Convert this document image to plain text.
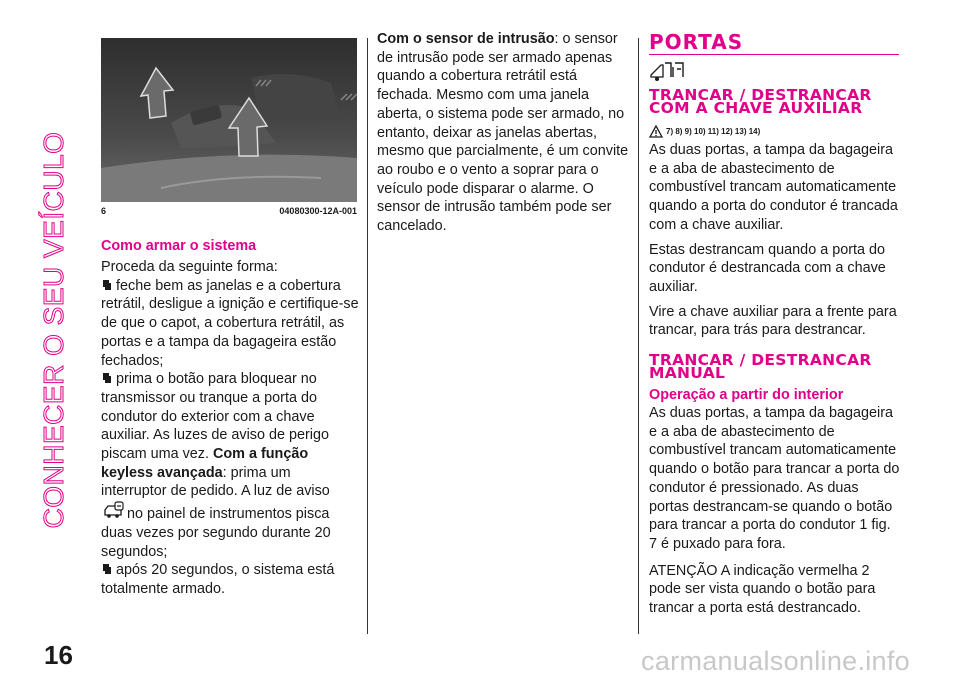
CONHECER O SEU VEÍCULO
16	carmanualsonline.info
6	04080300-12A-001

Como armar o sistema

Proceda da seguinte forma:

feche bem as janelas e a cobertura retrátil, desligue a ignição e certifique-se de que o capot, a cobertura retrátil, as portas e a tampa da bagageira estão fechados;

prima o botão para bloquear no transmissor ou tranque a porta do condutor do exterior com a chave auxiliar. As luzes de aviso de perigo piscam uma vez. Com a função keyless avançada: prima um interruptor de pedido. A luz de aviso
no painel de instrumentos pisca duas vezes por segundo durante 20 segundos;

após 20 segundos, o sistema está totalmente armado.

Com o sensor de intrusão: o sensor de intrusão pode ser armado apenas quando a cobertura retrátil está fechada. Mesmo com uma janela aberta, o sistema pode ser armado, no entanto, deixar as janelas abertas, mesmo que parcialmente, é um convite ao roubo e o vento a soprar para o veículo pode disparar o alarme. O sensor de intrusão também pode ser cancelado.

PORTAS

TRANCAR / DESTRANCAR COM A CHAVE AUXILIAR

7) 8) 9) 10) 11) 12) 13) 14)

As duas portas, a tampa da bagageira e a aba de abastecimento de combustível trancam automaticamente quando a porta do condutor é trancada com a chave auxiliar.

Estas destrancam quando a porta do condutor é destrancada com a chave auxiliar.

Vire a chave auxiliar para a frente para trancar, para trás para destrancar.

TRANCAR / DESTRANCAR MANUAL

Operação a partir do interior

As duas portas, a tampa da bagageira e a aba de abastecimento de combustível trancam automaticamente quando o botão para trancar a porta do condutor é pressionado. As duas portas destrancam-se quando o botão para trancar a porta do condutor 1 fig. 7 é puxado para fora.

ATENÇÃO A indicação vermelha 2 pode ser vista quando o botão para trancar a porta está destrancado.
